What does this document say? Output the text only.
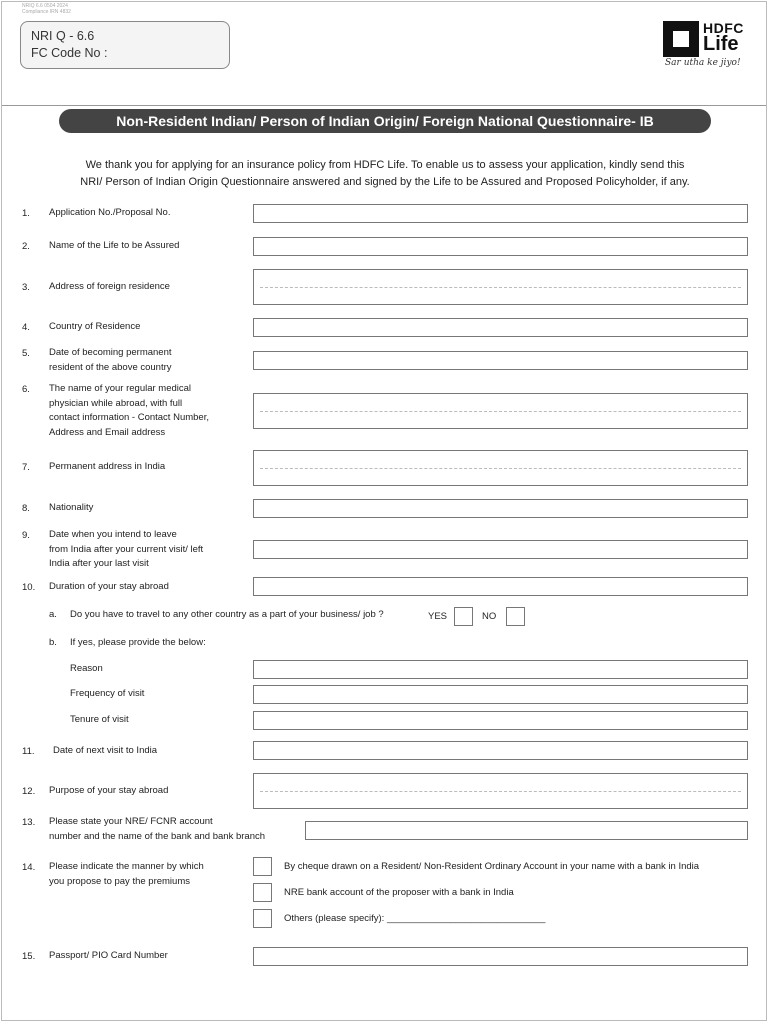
NRIQ 6.6 0504 2024
Compliance IRN 4832
NRI Q - 6.6
FC Code No :
HDFC
Life
Sar utha ke jiyo!
Non-Resident Indian/ Person of Indian Origin/ Foreign National Questionnaire- IB
We thank you for applying for an insurance policy from HDFC Life. To enable us to assess your application, kindly send this
NRI/ Person of Indian Origin Questionnaire answered and signed by the Life to be Assured and Proposed Policyholder, if any.
1. Application No./Proposal No.
2. Name of the Life to be Assured
3. Address of foreign residence
4. Country of Residence
5. Date of becoming permanent
resident of the above country
6. The name of your regular medical
physician while abroad, with full
contact information - Contact Number,
Address and Email address
7. Permanent address in India
8. Nationality
9. Date when you intend to leave
from India after your current visit/ left
India after your last visit
10. Duration of your stay abroad
a. Do you have to travel to any other country as a part of your business/ job ?	YES	NO
b. If yes, please provide the below:
Reason
Frequency of visit
Tenure of visit
11. Date of next visit to India
12. Purpose of your stay abroad
13. Please state your NRE/ FCNR account
number and the name of the bank and bank branch
14. Please indicate the manner by which
you propose to pay the premiums
By cheque drawn on a Resident/ Non-Resident Ordinary Account in your name with a bank in India
NRE bank account of the proposer with a bank in India
Others (please specify): ______________________________
15. Passport/ PIO Card Number
